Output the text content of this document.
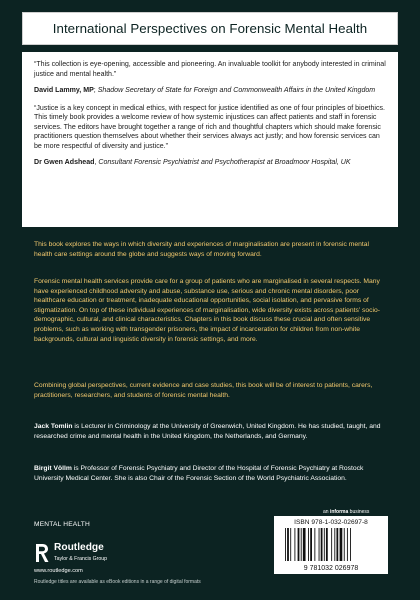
International Perspectives on Forensic Mental Health

“This collection is eye-opening, accessible and pioneering. An invaluable toolkit for anybody interested in criminal justice and mental health.”

David Lammy, MP; Shadow Secretary of State for Foreign and Commonwealth Affairs in the United Kingdom

“Justice is a key concept in medical ethics, with respect for justice identified as one of four principles of bioethics. This timely book provides a welcome review of how systemic injustices can affect patients and staff in forensic services. The editors have brought together a range of rich and thoughtful chapters which should make forensic practitioners question themselves about whether their services always act justly; and how forensic services can be more respectful of diversity and justice.”

Dr Gwen Adshead, Consultant Forensic Psychiatrist and Psychotherapist at Broadmoor Hospital, UK

This book explores the ways in which diversity and experiences of marginalisation are present in forensic mental health care settings around the globe and suggests ways of moving forward.

Forensic mental health services provide care for a group of patients who are marginalised in several respects. Many have experienced childhood adversity and abuse, substance use, serious and chronic mental disorders, poor healthcare education or treatment, inadequate educational opportunities, social isolation, and pervasive forms of stigmatization. On top of these individual experiences of marginalisation, wide diversity exists across patients’ socio-demographic, cultural, and clinical characteristics. Chapters in this book discuss these crucial and often sensitive problems, such as working with transgender prisoners, the impact of incarceration for children from non-white backgrounds, cultural and linguistic diversity in forensic settings, and more.

Combining global perspectives, current evidence and case studies, this book will be of interest to patients, carers, practitioners, researchers, and students of forensic mental health.

Jack Tomlin is Lecturer in Criminology at the University of Greenwich, United Kingdom. He has studied, taught, and researched crime and mental health in the United Kingdom, the Netherlands, and Germany.
Birgit Völlm is Professor of Forensic Psychiatry and Director of the Hospital of Forensic Psychiatry at Rostock University Medical Center. She is also Chair of the Forensic Section of the World Psychiatric Association.
MENTAL HEALTH
Routledge
Taylor & Francis Group
www.routledge.com
Routledge titles are available as eBook editions in a range of digital formats
an informa business
ISBN 978-1-032-02697-8
9 781032 026978
